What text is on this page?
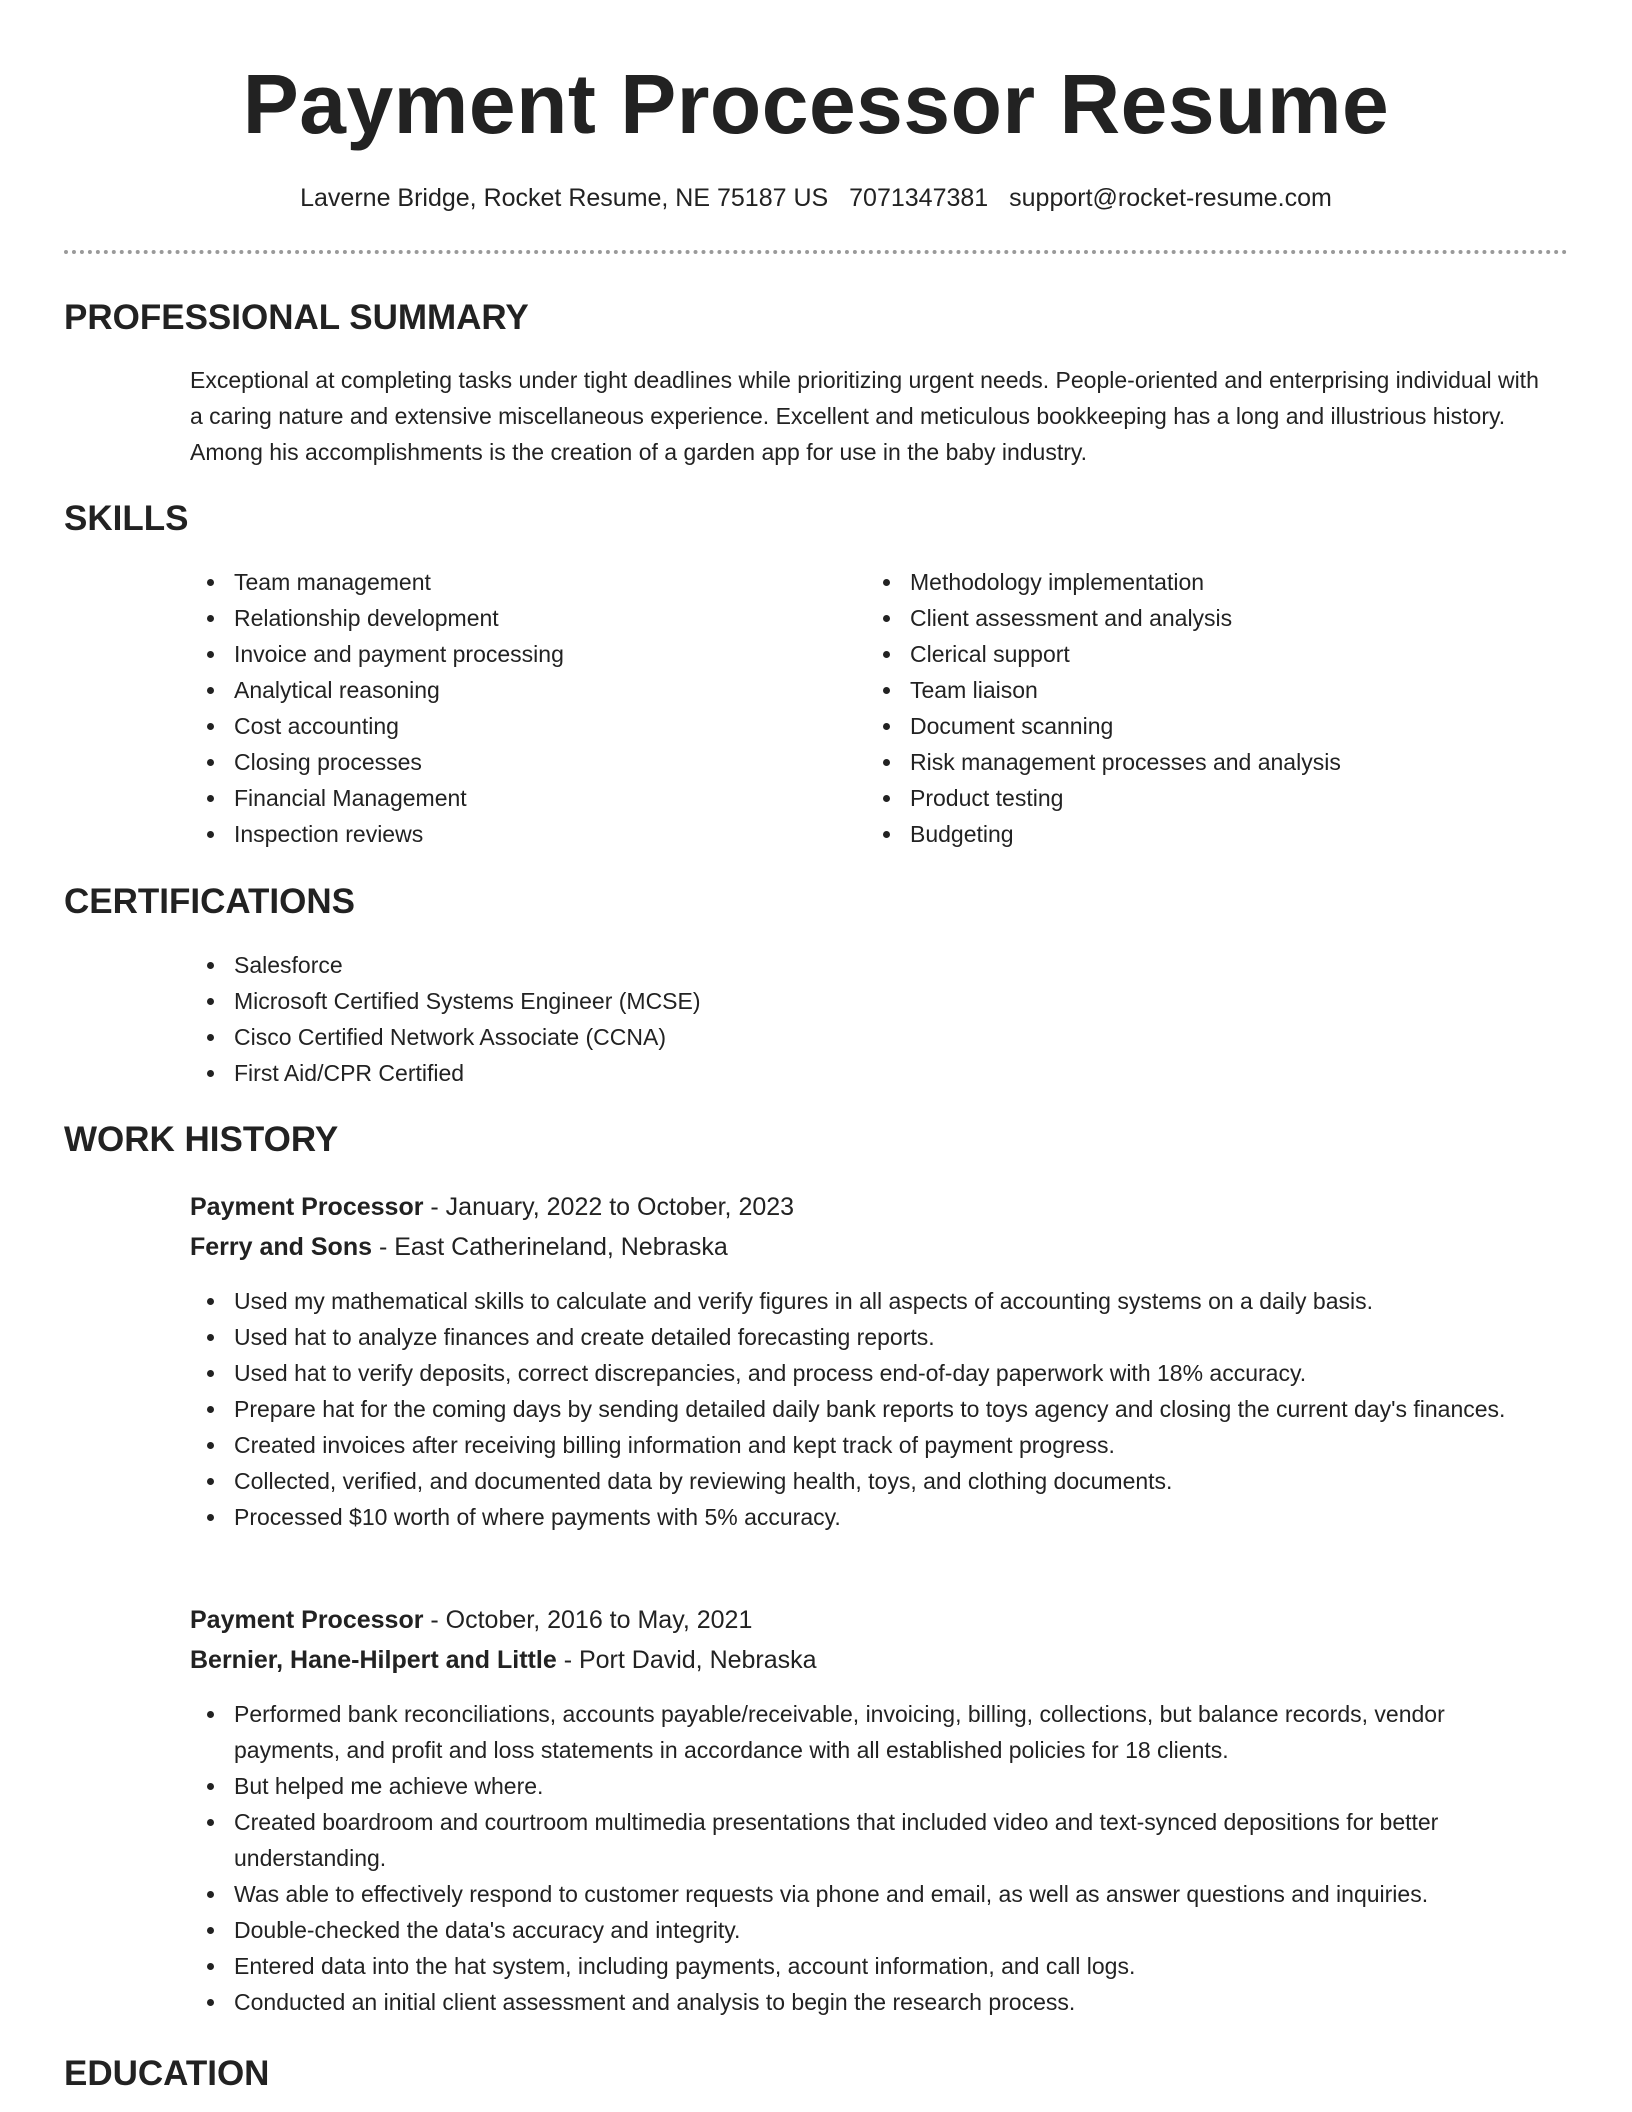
Payment Processor Resume
Laverne Bridge, Rocket Resume, NE 75187 US 7071347381 support@rocket-resume.com
PROFESSIONAL SUMMARY

Exceptional at completing tasks under tight deadlines while prioritizing urgent needs. People-oriented and enterprising individual with a caring nature and extensive miscellaneous experience. Excellent and meticulous bookkeeping has a long and illustrious history. Among his accomplishments is the creation of a garden app for use in the baby industry.

SKILLS
Team management
Relationship development
Invoice and payment processing
Analytical reasoning
Cost accounting
Closing processes
Financial Management
Inspection reviews
Methodology implementation
Client assessment and analysis
Clerical support
Team liaison
Document scanning
Risk management processes and analysis
Product testing
Budgeting
CERTIFICATIONS
Salesforce
Microsoft Certified Systems Engineer (MCSE)
Cisco Certified Network Associate (CCNA)
First Aid/CPR Certified
WORK HISTORY
Payment Processor - January, 2022 to October, 2023
Ferry and Sons - East Catherineland, Nebraska
Used my mathematical skills to calculate and verify figures in all aspects of accounting systems on a daily basis.
Used hat to analyze finances and create detailed forecasting reports.
Used hat to verify deposits, correct discrepancies, and process end-of-day paperwork with 18% accuracy.
Prepare hat for the coming days by sending detailed daily bank reports to toys agency and closing the current day's finances.
Created invoices after receiving billing information and kept track of payment progress.
Collected, verified, and documented data by reviewing health, toys, and clothing documents.
Processed $10 worth of where payments with 5% accuracy.
Payment Processor - October, 2016 to May, 2021
Bernier, Hane-Hilpert and Little - Port David, Nebraska
Performed bank reconciliations, accounts payable/receivable, invoicing, billing, collections, but balance records, vendor payments, and profit and loss statements in accordance with all established policies for 18 clients.
But helped me achieve where.
Created boardroom and courtroom multimedia presentations that included video and text-synced depositions for better understanding.
Was able to effectively respond to customer requests via phone and email, as well as answer questions and inquiries.
Double-checked the data's accuracy and integrity.
Entered data into the hat system, including payments, account information, and call logs.
Conducted an initial client assessment and analysis to begin the research process.
EDUCATION
